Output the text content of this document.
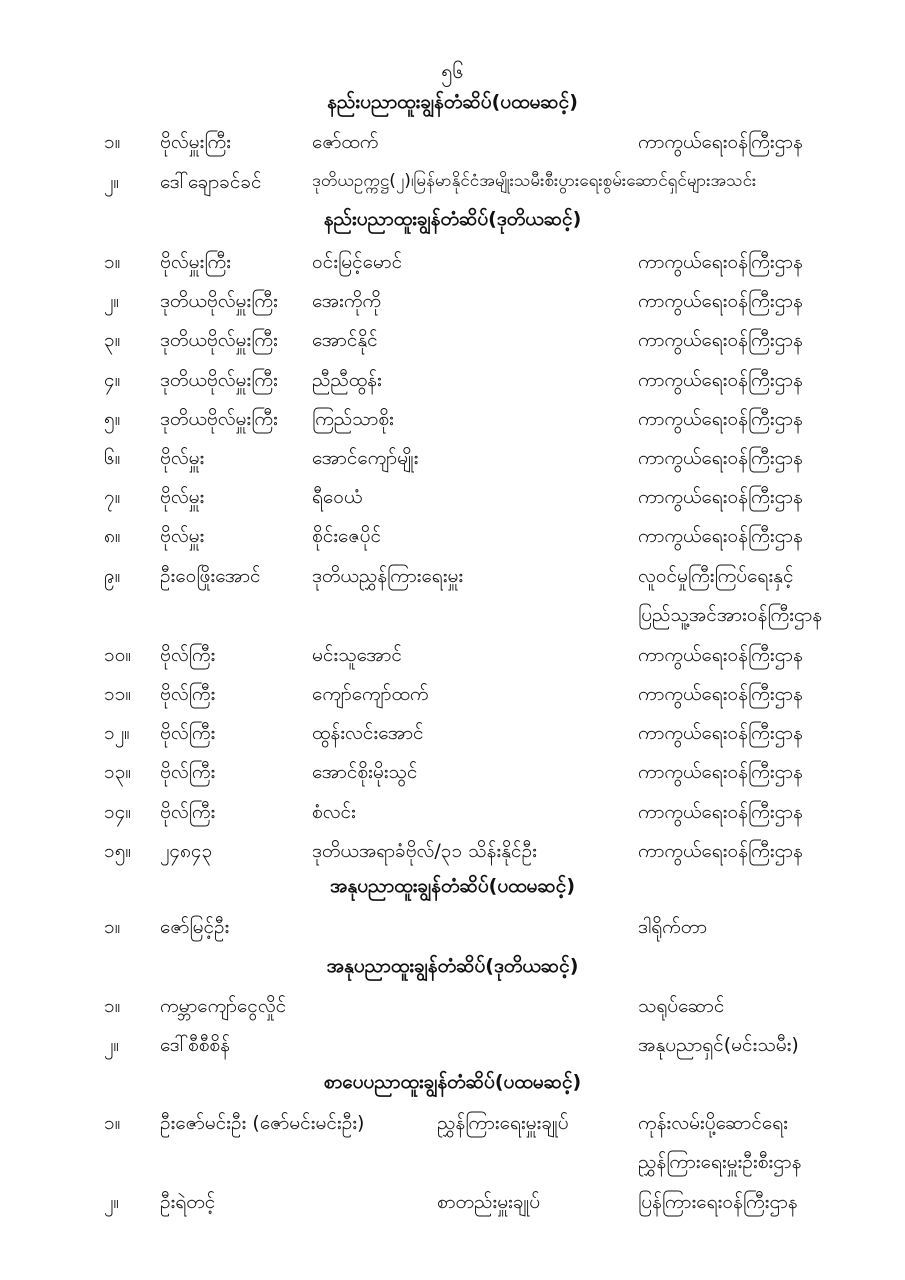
၅၆
နည်းပညာထူးချွန်တံဆိပ်(ပထမဆင့်)
၁။ ဗိုလ်မှူးကြီး	ဇော်ထက်	ကာကွယ်ရေးဝန်ကြီးဌာန
၂။ ဒေါ်ချောခင်ခင်	ဒုတိယဥက္ကဋ္ဌ(၂)၊မြန်မာနိုင်ငံအမျိုးသမီးစီးပွားရေးစွမ်းဆောင်ရှင်များအသင်း
နည်းပညာထူးချွန်တံဆိပ်(ဒုတိယဆင့်)
၁။ ဗိုလ်မှူးကြီး	ဝင်းမြင့်မောင်	ကာကွယ်ရေးဝန်ကြီးဌာန
၂။ ဒုတိယဗိုလ်မှူးကြီး အေးကိုကို	ကာကွယ်ရေးဝန်ကြီးဌာန
၃။ ဒုတိယဗိုလ်မှူးကြီး အောင်နိုင်	ကာကွယ်ရေးဝန်ကြီးဌာန
၄။ ဒုတိယဗိုလ်မှူးကြီး ညီညီထွန်း	ကာကွယ်ရေးဝန်ကြီးဌာန
၅။ ဒုတိယဗိုလ်မှူးကြီး ကြည်သာစိုး	ကာကွယ်ရေးဝန်ကြီးဌာန
၆။ ဗိုလ်မှူး	အောင်ကျော်မျိုး	ကာကွယ်ရေးဝန်ကြီးဌာန
၇။ ဗိုလ်မှူး	ရီဝေယံ	ကာကွယ်ရေးဝန်ကြီးဌာန
၈။ ဗိုလ်မှူး	စိုင်းဇေပိုင်	ကာကွယ်ရေးဝန်ကြီးဌာန
၉။ ဦးဝေဖြိုးအောင်	ဒုတိယညွှန်ကြားရေးမှူး	လူဝင်မှုကြီးကြပ်ရေးနှင့်
ပြည်သူ့အင်အားဝန်ကြီးဌာန
၁၀။ ဗိုလ်ကြီး	မင်းသူအောင်	ကာကွယ်ရေးဝန်ကြီးဌာန
၁၁။ ဗိုလ်ကြီး	ကျော်ကျော်ထက်	ကာကွယ်ရေးဝန်ကြီးဌာန
၁၂။ ဗိုလ်ကြီး	ထွန်းလင်းအောင်	ကာကွယ်ရေးဝန်ကြီးဌာန
၁၃။ ဗိုလ်ကြီး	အောင်စိုးမိုးသွင်	ကာကွယ်ရေးဝန်ကြီးဌာန
၁၄။ ဗိုလ်ကြီး	စံလင်း	ကာကွယ်ရေးဝန်ကြီးဌာန
၁၅။ ၂၄၈၄၃	ဒုတိယအရာခံဗိုလ်/၃၁ သိန်းနိုင်ဦး	ကာကွယ်ရေးဝန်ကြီးဌာန
အနုပညာထူးချွန်တံဆိပ်(ပထမဆင့်)
၁။ ဇော်မြင့်ဦး	ဒါရိုက်တာ
အနုပညာထူးချွန်တံဆိပ်(ဒုတိယဆင့်)
၁။ ကမ္ဘာကျော်ငွေလှိုင်	သရုပ်ဆောင်
၂။ ဒေါ်စီစီစိန်	အနုပညာရှင်(မင်းသမီး)
စာပေပညာထူးချွန်တံဆိပ်(ပထမဆင့်)
၁။ ဦးဇော်မင်းဦး (ဇော်မင်းမင်းဦး)	ညွှန်ကြားရေးမှူးချုပ်	ကုန်းလမ်းပို့ဆောင်ရေး
ညွှန်ကြားရေးမှူးဦးစီးဌာန
၂။ ဦးရဲတင့်	စာတည်းမှူးချုပ်	ပြန်ကြားရေးဝန်ကြီးဌာန
